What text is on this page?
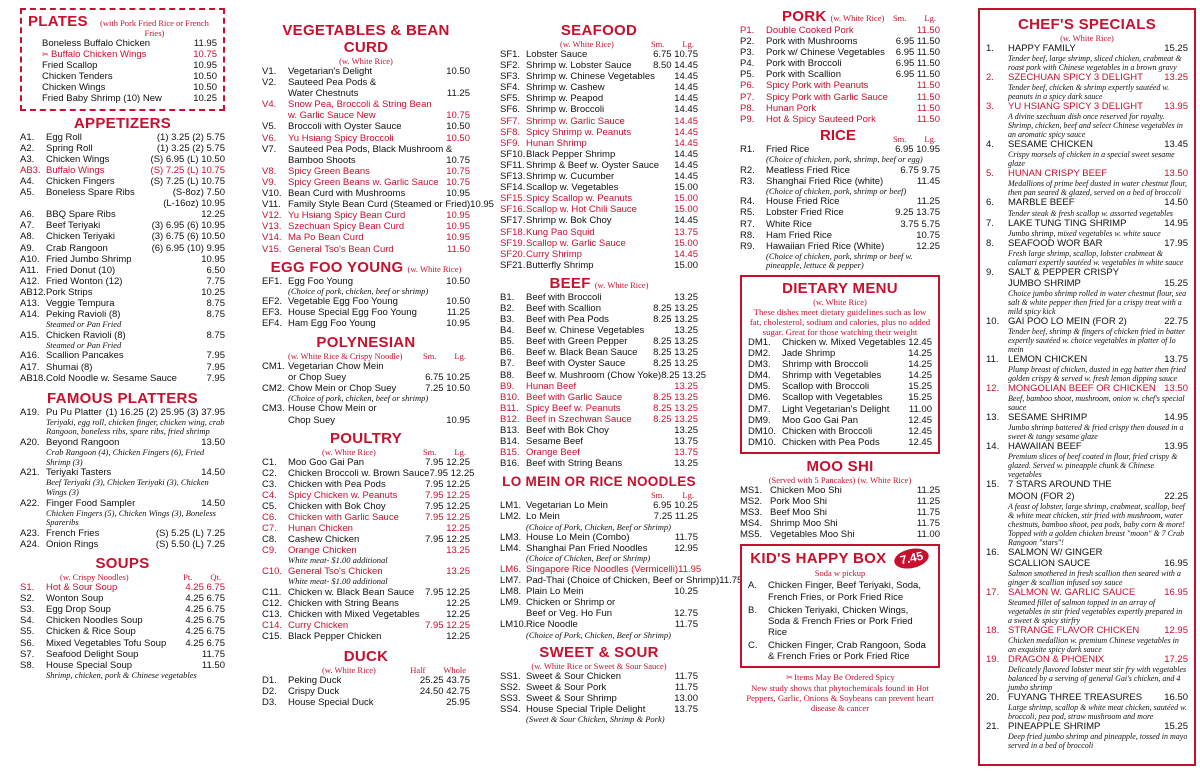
PLATES	(with Pork Fried Rice or French Fries)
Boneless Buffalo Chicken	11.95
✂ Buffalo Chicken Wings	10.75
Fried Scallop	10.95
Chicken Tenders	10.50
Chicken Wings	10.50
Fried Baby Shrimp (10) New	10.25
APPETIZERS
A1.	Egg Roll	(1) 3.25 (2) 5.75
A2.	Spring Roll	(1) 3.25 (2) 5.75
A3.	Chicken Wings	(S) 6.95 (L) 10.50
AB3. Buffalo Wings	(S) 7.25 (L) 10.75
A4.	Chicken Fingers	(S) 7.25 (L) 10.75
A5.	Boneless Spare Ribs	(S-8oz) 7.50
(L-16oz) 10.95
A6.	BBQ Spare Ribs	12.25
A7.	Beef Teriyaki	(3) 6.95 (6) 10.95
A8.	Chicken Teriyaki	(3) 6.75 (6) 10.50
A9.	Crab Rangoon	(6) 6.95 (10) 9.95
A10. Fried Jumbo Shrimp	10.95
A11. Fried Donut (10)	6.50
A12. Fried Wonton (12)	7.75
AB12. Pork Strips	10.25
A13. Veggie Tempura	8.75
A14. Peking Ravioli (8)	8.75
Steamed or Pan Fried
A15. Chicken Ravioli (8)	8.75
Steamed or Pan Fried
A16. Scallion Pancakes	7.95
A17. Shumai (8)	7.95
AB18. Cold Noodle w. Sesame Sauce	7.95
FAMOUS PLATTERS
A19. Pu Pu Platter (1) 16.25 (2) 25.95 (3) 37.95
Teriyaki, egg roll, chicken finger, chicken wing, crab Rangoon, boneless ribs, spare ribs, fried shrimp
A20. Beyond Rangoon	13.50
Crab Rangoon (4), Chicken Fingers (6), Fried Shrimp (3)
A21. Teriyaki Tasters	14.50
Beef Teriyaki (3), Chicken Teriyaki (3), Chicken Wings (3)
A22. Finger Food Sampler	14.50
Chicken Fingers (5), Chicken Wings (3), Boneless Spareribs
A23. French Fries	(S) 5.25 (L) 7.25
A24. Onion Rings	(S) 5.50 (L) 7.25
SOUPS
(w. Crispy Noodles)	Pt. Qt.
S1.	Hot & Sour Soup	4.25 6.75
S2.	Wonton Soup	4.25 6.75
S3.	Egg Drop Soup	4.25 6.75
S4.	Chicken Noodles Soup	4.25 6.75
S5.	Chicken & Rice Soup	4.25 6.75
S6.	Mixed Vegetables Tofu Soup	4.25 6.75
S7.	Seafood Delight Soup	11.75
S8.	House Special Soup	11.50
Shrimp, chicken, pork & Chinese vegetables
VEGETABLES & BEAN CURD
(w. White Rice)
V1.	Vegetarian's Delight	10.50
V2.	Sauteed Pea Pods &
Water Chestnuts	11.25
V4.	Snow Pea, Broccoli & String Bean
w. Garlic Sauce New	10.75
V5.	Broccoli with Oyster Sauce	10.50
V6.	Yu Hsiang Spicy Broccoli	10.50
V7.	Sauteed Pea Pods, Black Mushroom &
Bamboo Shoots	10.75
V8.	Spicy Green Beans	10.75
V9.	Spicy Green Beans w. Garlic Sauce 10.75
V10. Bean Curd with Mushrooms	10.95
V11. Family Style Bean Curd (Steamed or Fried) 10.95
V12. Yu Hsiang Spicy Bean Curd	10.95
V13. Szechuan Spicy Bean Curd	10.95
V14. Ma Po Bean Curd	10.95
V15. General Tso's Bean Curd	11.50
EGG FOO YOUNG (w. White Rice)
EF1. Egg Foo Young	10.50
(Choice of pork, chicken, beef or shrimp)
EF2. Vegetable Egg Foo Young	10.50
EF3. House Special Egg Foo Young	11.25
EF4. Ham Egg Foo Young	10.95
POLYNESIAN
(w. White Rice & Crispy Noodle) Sm. Lg.
CM1. Vegetarian Chow Mein
or Chop Suey	6.75 10.25
CM2. Chow Mein or Chop Suey	7.25 10.50
(Choice of pork, chicken, beef or shrimp)
CM3. House Chow Mein or
Chop Suey	10.95
POULTRY
(w. White Rice)	Sm. Lg.
C1.	Moo Goo Gai Pan	7.95 12.25
C2.	Chicken Broccoli w. Brown Sauce 7.95 12.25
C3.	Chicken with Pea Pods	7.95 12.25
C4.	Spicy Chicken w. Peanuts	7.95 12.25
C5.	Chicken with Bok Choy	7.95 12.25
C6.	Chicken with Garlic Sauce	7.95 12.25
C7.	Hunan Chicken	12.25
C8.	Cashew Chicken	7.95 12.25
C9.	Orange Chicken	13.25
White meat- $1.00 additional
C10. General Tso's Chicken	13.25
White meat- $1.00 additional
C11. Chicken w. Black Bean Sauce	7.95 12.25
C12. Chicken with String Beans	12.25
C13. Chicken with Mixed Vegetables	12.25
C14. Curry Chicken	7.95 12.25
C15. Black Pepper Chicken	12.25
DUCK
(w. White Rice)	Half Whole
D1.	Peking Duck	25.25 43.75
D2.	Crispy Duck	24.50 42.75
D3.	House Special Duck	25.95
SEAFOOD
(w. White Rice)	Sm. Lg.
SF1. Lobster Sauce	6.75 10.75
SF2. Shrimp w. Lobster Sauce	8.50 14.45
SF3. Shrimp w. Chinese Vegetables	14.45
SF4. Shrimp w. Cashew	14.45
SF5. Shrimp w. Peapod	14.45
SF6. Shrimp w. Broccoli	14.45
SF7. Shrimp w. Garlic Sauce	14.45
SF8. Spicy Shrimp w. Peanuts	14.45
SF9. Hunan Shrimp	14.45
SF10. Black Pepper Shrimp	14.45
SF11. Shrimp & Beef w. Oyster Sauce	14.45
SF13. Shrimp w. Cucumber	14.45
SF14. Scallop w. Vegetables	15.00
SF15. Spicy Scallop w. Peanuts	15.00
SF16. Scallop w. Hot Chili Sauce	15.00
SF17. Shrimp w. Bok Choy	14.45
SF18. Kung Pao Squid	13.75
SF19. Scallop w. Garlic Sauce	15.00
SF20. Curry Shrimp	14.45
SF21. Butterfly Shrimp	15.00
BEEF (w. White Rice)
B1.	Beef with Broccoli	13.25
B2.	Beef with Scallion	8.25 13.25
B3.	Beef with Pea Pods	8.25 13.25
B4.	Beef w. Chinese Vegetables	13.25
B5.	Beef with Green Pepper	8.25 13.25
B6.	Beef w. Black Bean Sauce	8.25 13.25
B7.	Beef with Oyster Sauce	8.25 13.25
B8.	Beef w. Mushroom (Chow Yoke) 8.25 13.25
B9.	Hunan Beef	13.25
B10. Beef with Garlic Sauce	8.25 13.25
B11. Spicy Beef w. Peanuts	8.25 13.25
B12. Beef in Szechwan Sauce	8.25 13.25
B13. Beef with Bok Choy	13.25
B14. Sesame Beef	13.75
B15. Orange Beef	13.75
B16. Beef with String Beans	13.25
LO MEIN OR RICE NOODLES
Sm. Lg.
LM1. Vegetarian Lo Mein	6.95 10.25
LM2. Lo Mein	7.25 11.25
(Choice of Pork, Chicken, Beef or Shrimp)
LM3. House Lo Mein (Combo)	11.75
LM4. Shanghai Pan Fried Noodles	12.95
(Choice of Chicken, Beef or Shrimp)
LM6. Singapore Rice Noodles (Vermicelli) 11.95
LM7. Pad-Thai (Choice of Chicken, Beef or Shrimp) 11.75
LM8. Plain Lo Mein	10.25
LM9. Chicken or Shrimp or
Beef or Veg. Ho Fun	12.75
LM10. Rice Noodle	11.75
(Choice of Pork, Chicken, Beef or Shrimp)
SWEET & SOUR
(w. White Rice or Sweet & Sour Sauce)
SS1. Sweet & Sour Chicken	11.75
SS2. Sweet & Sour Pork	11.75
SS3. Sweet & Sour Shrimp	13.00
SS4. House Special Triple Delight	13.75
(Sweet & Sour Chicken, Shrimp & Pork)
PORK (w. White Rice) Sm. Lg.
P1.	Double Cooked Pork	11.50
P2.	Pork with Mushrooms	6.95 11.50
P3.	Pork w/ Chinese Vegetables	6.95 11.50
P4.	Pork with Broccoli	6.95 11.50
P5.	Pork with Scallion	6.95 11.50
P6.	Spicy Pork with Peanuts	11.50
P7.	Spicy Pork with Garlic Sauce	11.50
P8.	Hunan Pork	11.50
P9.	Hot & Spicy Sauteed Pork	11.50
RICE	Sm. Lg.
R1.	Fried Rice	6.95 10.95
(Choice of chicken, pork, shrimp, beef or egg)
R2.	Meatless Fried Rice	6.75 9.75
R3.	Shanghai Fried Rice (white)	11.45
(Choice of chicken, pork, shrimp or beef)
R4.	House Fried Rice	11.25
R5.	Lobster Fried Rice	9.25 13.75
R7.	White Rice	3.75 5.75
R8.	Ham Fried Rice	10.75
R9.	Hawaiian Fried Rice (White)	12.25
(Choice of chicken, pork, shrimp or beef w. pineapple, lettuce & pepper)
DIETARY MENU
(w. White Rice)
These dishes meet dietary guidelines such as low fat, cholesterol, sodium and calories, plus no added sugar. Great for those watching their weight
DM1.	Chicken w. Mixed Vegetables 12.45
DM2.	Jade Shrimp	14.25
DM3.	Shrimp with Broccoli	14.25
DM4.	Shrimp with Vegetables	14.25
DM5.	Scallop with Broccoli	15.25
DM6.	Scallop with Vegetables	15.25
DM7.	Light Vegetarian's Delight	11.00
DM9.	Moo Goo Gai Pan	12.45
DM10. Chicken with Broccoli	12.45
DM10. Chicken with Pea Pods	12.45
MOO SHI
(Served with 5 Pancakes) (w. White Rice)
MS1. Chicken Moo Shi	11.25
MS2. Pork Moo Shi	11.25
MS3. Beef Moo Shi	11.75
MS4. Shrimp Moo Shi	11.75
MS5. Vegetables Moo Shi	11.00
KID'S HAPPY BOX	7.45
Soda w pickup
A.	Chicken Finger, Beef Teriyaki, Soda, French Fries, or Pork Fried Rice
B.	Chicken Teriyaki, Chicken Wings, Soda & French Fries or Pork Fried Rice
C.	Chicken Finger, Crab Rangoon, Soda & French Fries or Pork Fried Rice
✂Items May Be Ordered Spicy
New study shows that phytochemicals found in Hot Peppers, Garlic, Onions & Soybeans can prevent heart disease & cancer
CHEF'S SPECIALS
(w. White Rice)
1.	HAPPY FAMILY	15.25
Tender beef, large shrimp, sliced chicken, crabmeat & roast pork with Chinese vegetables in a brown gravy
2.	SZECHUAN SPICY 3 DELIGHT	13.25
Tender beef, chicken & shrimp expertly sautéed w. peanuts in a spicy dark sauce
3.	YU HSIANG SPICY 3 DELIGHT	13.95
A divine szechuan dish once reserved for royalty. Shrimp, chicken, beef and select Chinese vegetables in an aromatic spicy sauce
4.	SESAME CHICKEN	13.45
Crispy morsels of chicken in a special sweet sesame glaze
5.	HUNAN CRISPY BEEF	13.50
Medallions of prime beef dusted in water chestnut flour, then pan seared & glazed, served on a bed of broccoli
6.	MARBLE BEEF	14.50
Tender steak & fresh scallop w. assorted vegetables
7.	LAKE TUNG TING SHRIMP	14.95
Jumbo shrimp, mixed vegetables w. white sauce
8.	SEAFOOD WOR BAR	17.95
Fresh large shrimp, scallop, lobster crabmeat & calamari expertly sautéed w. vegetables in white sauce
9.	SALT & PEPPER CRISPY
JUMBO SHRIMP	15.25
Choice jumbo shrimp rolled in water chestnut flour, sea salt & white pepper then fried for a crispy treat with a mild spicy kick
10. GAI POO LO MEIN (FOR 2)	22.75
Tender beef, shrimp & fingers of chicken fried in batter expertly sautéed w. choice vegetables in platter of lo mein
11. LEMON CHICKEN	13.75
Plump breast of chicken, dusted in egg batter then fried golden crispy & served w. fresh lemon dipping sauce
12. MONGOLIAN BEEF OR CHICKEN 13.50
Beef, bamboo shoot, mushroom, onion w. chef's special sauce
13. SESAME SHRIMP	14.95
Jumbo shrimp battered & fried crispy then doused in a sweet & tangy sesame glaze
14. HAWAIIAN BEEF	13.95
Premium slices of beef coated in flour, fried crispy & glazed. Served w. pineapple chunk & Chinese vegetables
15. 7 STARS AROUND THE
MOON (FOR 2)	22.25
A feast of lobster, large shrimp, crabmeat, scallop, beef & white meat chicken, stir fried with mushroom, water chestnuts, bamboo shoot, pea pods, baby corn & more! Topped with a golden chicken breast "moon" & 7 Crab Rangoon "stars"!
16. SALMON W/ GINGER
SCALLION SAUCE	16.95
Salmon smothered in fresh scallion then seared with a ginger & scallion infused soy sauce
17. SALMON W. GARLIC SAUCE	16.95
Steamed fillet of salmon topped in an array of vegetables in stir fried vegetables expertly prepared in a sweet & spicy stirfry
18. STRANGE FLAVOR CHICKEN	12.95
Chicken medallion w. premium Chinese vegetables in an exquisite spicy dark sauce
19. DRAGON & PHOENIX	17.25
Delicately flavored lobster meat stir fry with vegetables balanced by a serving of general Gai's chicken, and 4 jumbo shrimp
20. FUYANG THREE TREASURES	16.50
Large shrimp, scallop & white meat chicken, sautéed w. broccoli, pea pod, straw mushroom and more
21. PINEAPPLE SHRIMP	15.25
Deep fried jumbo shrimp and pineapple, tossed in mayo served in a bed of broccoli
